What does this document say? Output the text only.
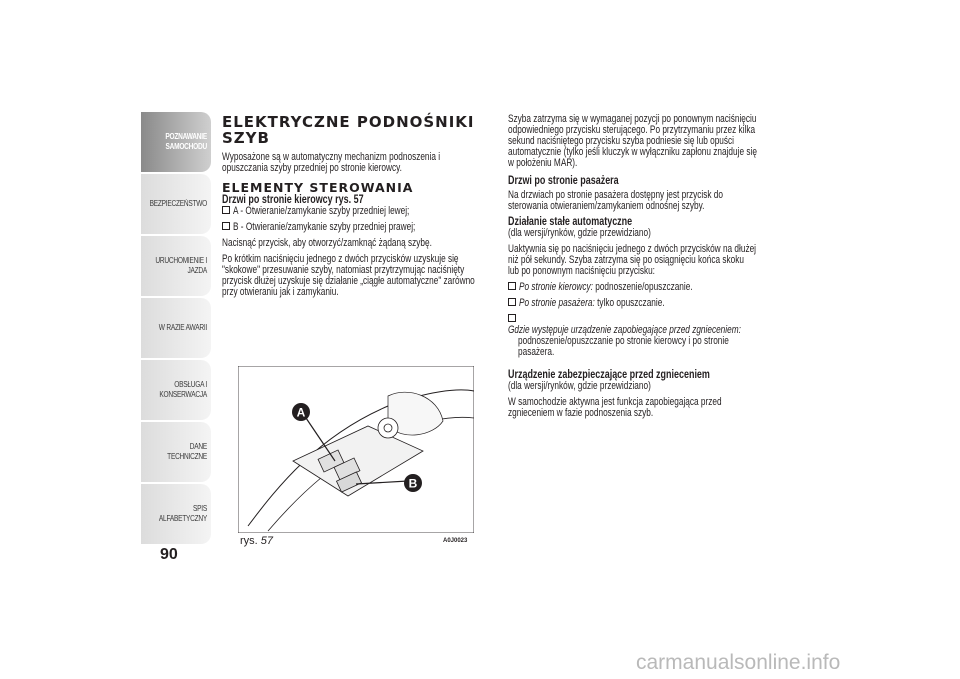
POZNAWANIE SAMOCHODU
BEZPIECZEŃSTWO
URUCHOMIENIE I JAZDA
W RAZIE AWARII
OBSŁUGA I KONSERWACJA
DANE TECHNICZNE
SPIS ALFABETYCZNY
90
ELEKTRYCZNE PODNOŚNIKI
SZYB
Wyposażone są w automatyczny mechanizm podnoszenia i
opuszczania szyby przedniej po stronie kierowcy.
ELEMENTY STEROWANIA
Drzwi po stronie kierowcy rys. 57
A - Otwieranie/zamykanie szyby przedniej lewej;
B - Otwieranie/zamykanie szyby przedniej prawej;
Nacisnąć przycisk, aby otworzyć/zamknąć żądaną szybę.
Po krótkim naciśnięciu jednego z dwóch przycisków uzyskuje się
"skokowe" przesuwanie szyby, natomiast przytrzymując naciśnięty
przycisk dłużej uzyskuje się działanie „ciągłe automatyczne" zarówno
przy otwieraniu jak i zamykaniu.
A
B
rys. 57	A0J0023
Szyba zatrzyma się w wymaganej pozycji po ponownym naciśnięciu
odpowiedniego przycisku sterującego. Po przytrzymaniu przez kilka
sekund naciśniętego przycisku szyba podniesie się lub opuści
automatycznie (tylko jeśli kluczyk w wyłączniku zapłonu znajduje się
w położeniu MAR).
Drzwi po stronie pasażera
Na drzwiach po stronie pasażera dostępny jest przycisk do
sterowania otwieraniem/zamykaniem odnośnej szyby.
Działanie stałe automatyczne
(dla wersji/rynków, gdzie przewidziano)
Uaktywnia się po naciśnięciu jednego z dwóch przycisków na dłużej
niż pół sekundy. Szyba zatrzyma się po osiągnięciu końca skoku
lub po ponownym naciśnięciu przycisku:
Po stronie kierowcy: podnoszenie/opuszczanie.
Po stronie pasażera: tylko opuszczanie.
Gdzie występuje urządzenie zapobiegające przed zgnieceniem:
podnoszenie/opuszczanie po stronie kierowcy i po stronie
pasażera.
Urządzenie zabezpieczające przed zgnieceniem
(dla wersji/rynków, gdzie przewidziano)
W samochodzie aktywna jest funkcja zapobiegająca przed
zgnieceniem w fazie podnoszenia szyb.
carmanualsonline.info
